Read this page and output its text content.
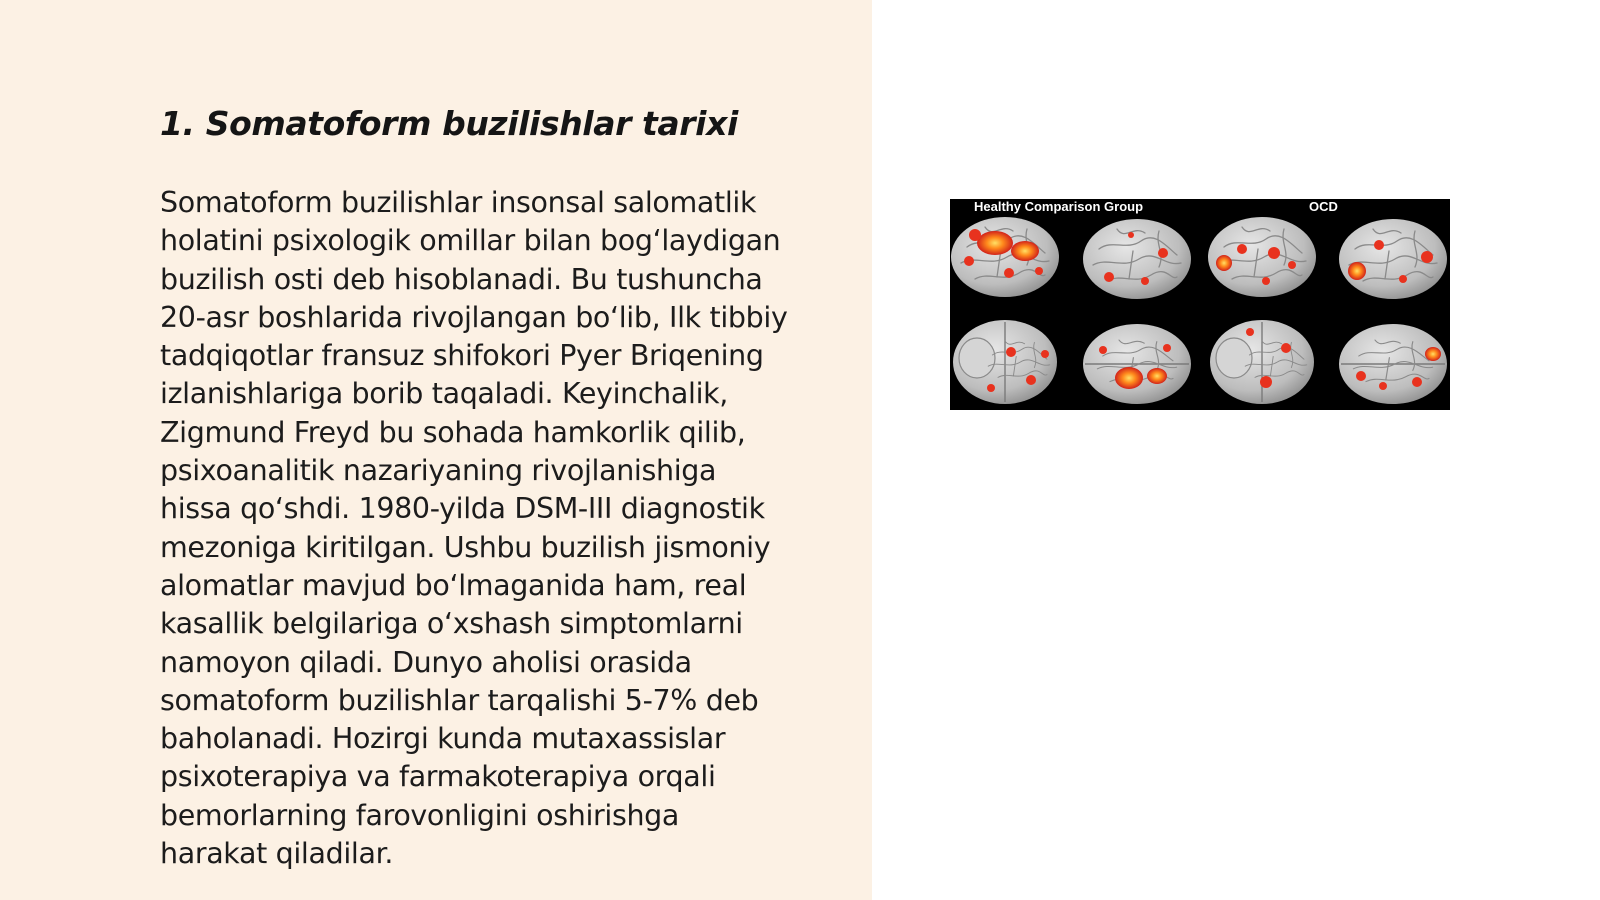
1. Somatoform buzilishlar tarixi
Somatoform buzilishlar insonsal salomatlik
holatini psixologik omillar bilan bog‘laydigan
buzilish osti deb hisoblanadi. Bu tushuncha
20-asr boshlarida rivojlangan bo‘lib, Ilk tibbiy
tadqiqotlar fransuz shifokori Pyer Briqening
izlanishlariga borib taqaladi. Keyinchalik,
Zigmund Freyd bu sohada hamkorlik qilib,
psixoanalitik nazariyaning rivojlanishiga
hissa qo‘shdi. 1980-yilda DSM-III diagnostik
mezoniga kiritilgan. Ushbu buzilish jismoniy
alomatlar mavjud bo‘lmaganida ham, real
kasallik belgilariga o‘xshash simptomlarni
namoyon qiladi. Dunyo aholisi orasida
somatoform buzilishlar tarqalishi 5-7% deb
baholanadi. Hozirgi kunda mutaxassislar
psixoterapiya va farmakoterapiya orqali
bemorlarning farovonligini oshirishga
harakat qiladilar.
Healthy Comparison Group	OCD
